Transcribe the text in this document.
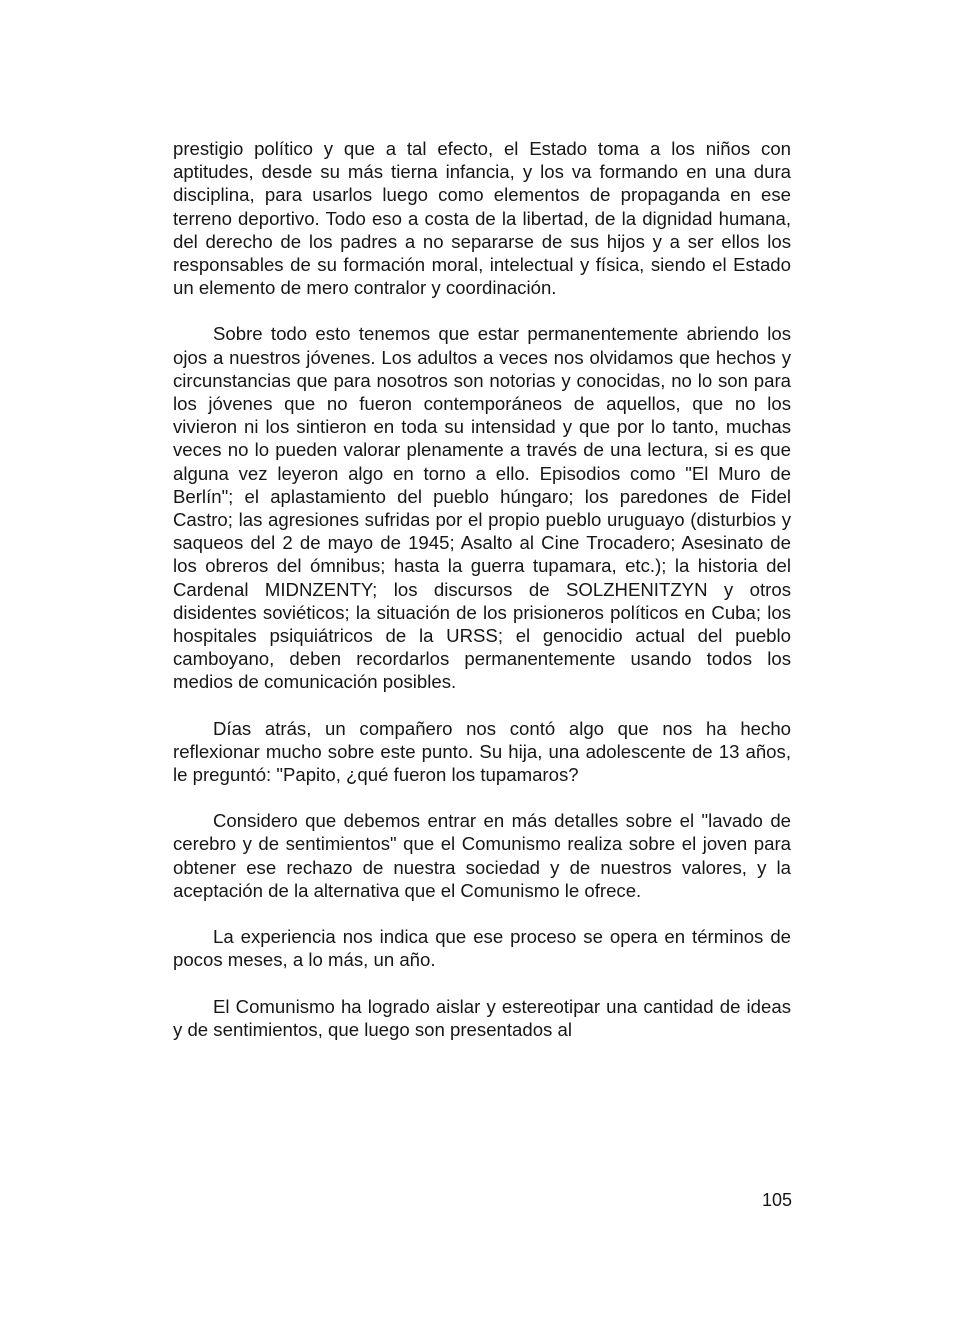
prestigio político y que a tal efecto, el Estado toma a los niños con aptitudes, desde su más tierna infancia, y los va formando en una dura disciplina, para usarlos luego como elementos de propaganda en ese terreno deportivo. Todo eso a costa de la libertad, de la dignidad humana, del derecho de los padres a no separarse de sus hijos y a ser ellos los responsables de su formación moral, intelectual y física, siendo el Estado un elemento de mero contralor y coordinación.

Sobre todo esto tenemos que estar permanentemente abriendo los ojos a nuestros jóvenes. Los adultos a veces nos olvidamos que hechos y circunstancias que para nosotros son notorias y conocidas, no lo son para los jóvenes que no fueron contemporáneos de aquellos, que no los vivieron ni los sintieron en toda su intensidad y que por lo tanto, muchas veces no lo pueden valorar plenamente a través de una lectura, si es que alguna vez leyeron algo en torno a ello. Episodios como "El Muro de Berlín"; el aplastamiento del pueblo húngaro; los paredones de Fidel Castro; las agresiones sufridas por el propio pueblo uruguayo (disturbios y saqueos del 2 de mayo de 1945; Asalto al Cine Trocadero; Asesinato de los obreros del ómnibus; hasta la guerra tupamara, etc.); la historia del Cardenal MIDNZENTY; los discursos de SOLZHENITZYN y otros disidentes soviéticos; la situación de los prisioneros políticos en Cuba; los hospitales psiquiátricos de la URSS; el genocidio actual del pueblo camboyano, deben recordarlos permanentemente usando todos los medios de comunicación posibles.

Días atrás, un compañero nos contó algo que nos ha hecho reflexionar mucho sobre este punto. Su hija, una adolescente de 13 años, le preguntó: "Papito, ¿qué fueron los tupamaros?

Considero que debemos entrar en más detalles sobre el "lavado de cerebro y de sentimientos" que el Comunismo realiza sobre el joven para obtener ese rechazo de nuestra sociedad y de nuestros valores, y la aceptación de la alternativa que el Comunismo le ofrece.

La experiencia nos indica que ese proceso se opera en términos de pocos meses, a lo más, un año.

El Comunismo ha logrado aislar y estereotipar una cantidad de ideas y de sentimientos, que luego son presentados al

105
